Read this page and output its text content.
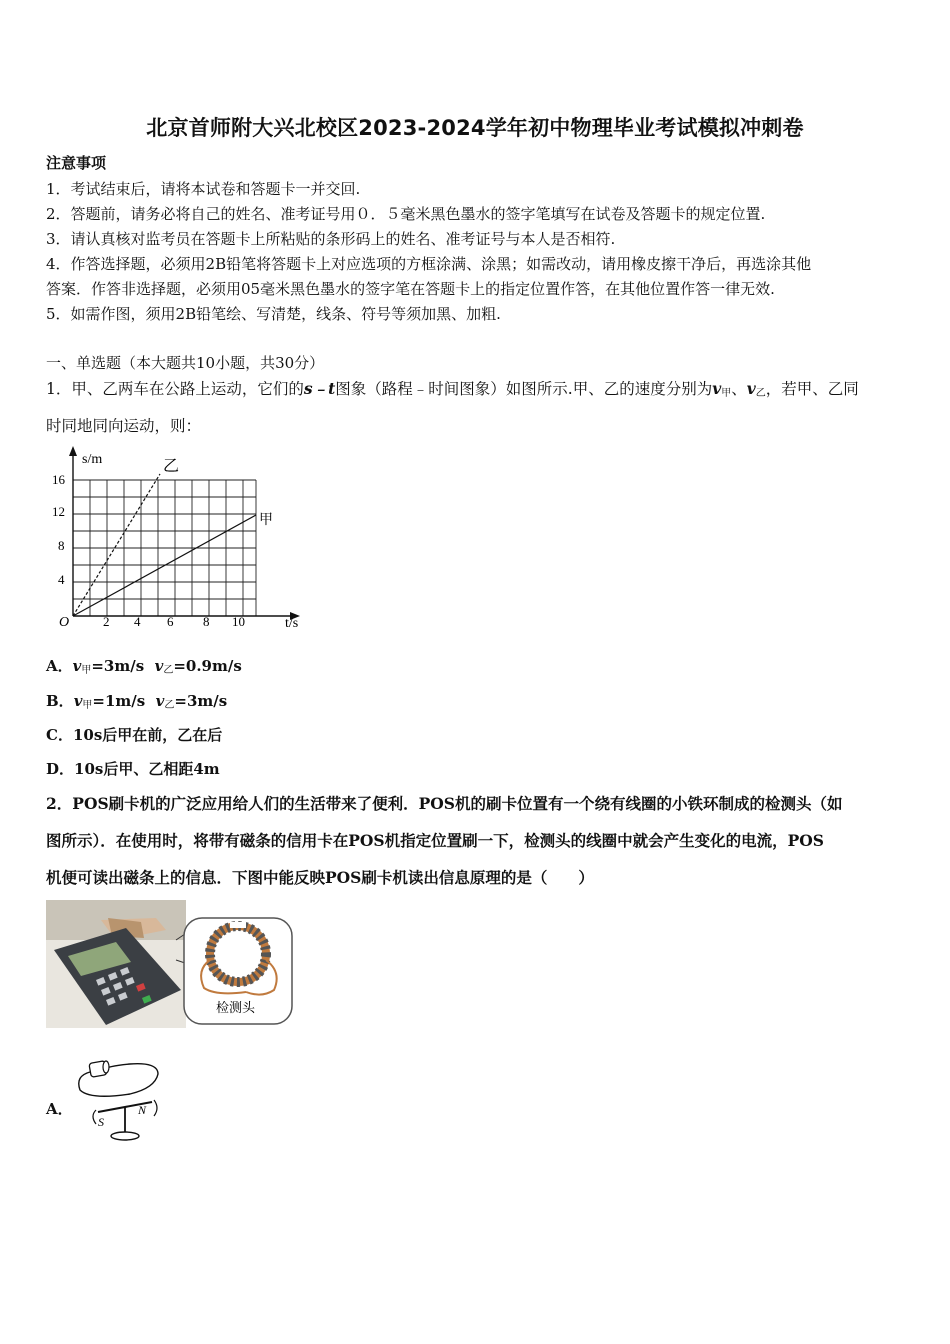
北京首师附大兴北校区2023-2024学年初中物理毕业考试模拟冲刺卷
注意事项
1．考试结束后，请将本试卷和答题卡一并交回.
2．答题前，请务必将自己的姓名、准考证号用０．５毫米黑色墨水的签字笔填写在试卷及答题卡的规定位置.
3．请认真核对监考员在答题卡上所粘贴的条形码上的姓名、准考证号与本人是否相符.
4．作答选择题，必须用2B铅笔将答题卡上对应选项的方框涂满、涂黑；如需改动，请用橡皮擦干净后，再选涂其他
答案．作答非选择题，必须用05毫米黑色墨水的签字笔在答题卡上的指定位置作答，在其他位置作答一律无效.
5．如需作图，须用2B铅笔绘、写清楚，线条、符号等须加黑、加粗.
一、单选题（本大题共10小题，共30分）
1．甲、乙两车在公路上运动，它们的s﹣t图象（路程﹣时间图象）如图所示.甲、乙的速度分别为$v_甲$、$v_乙$，若甲、乙同
时同地同向运动，则：
s/m
t/s
O
乙
甲
4
8
12
16
2 4 6 8 10
A．$v_甲=3m/s$  $v_乙=0.9m/s$
B．$v_甲=1m/s$  $v_乙=3m/s$
C．10s后甲在前，乙在后
D．10s后甲、乙相距4m
2．POS刷卡机的广泛应用给人们的生活带来了便利．POS机的刷卡位置有一个绕有线圈的小铁环制成的检测头（如
图所示）．在使用时，将带有磁条的信用卡在POS机指定位置刷一下，检测头的线圈中就会产生变化的电流，POS
机便可读出磁条上的信息．下图中能反映POS刷卡机读出信息原理的是（　　）
检测头
A．
S
N
